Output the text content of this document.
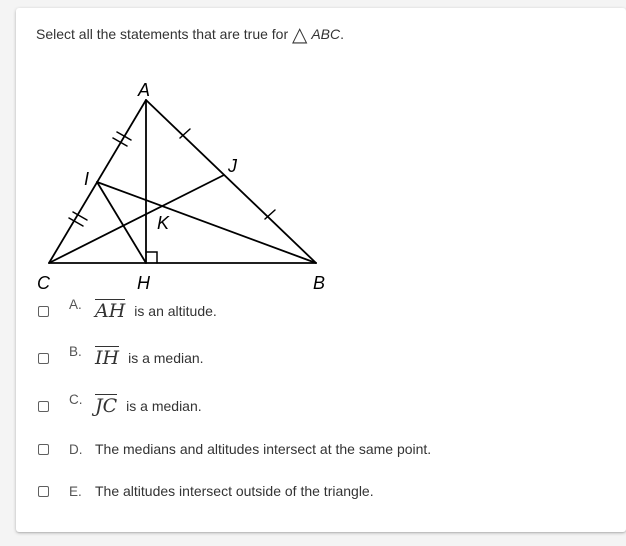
Select all the statements that are true for △ ABC.
A
B
C	H
I
J
K
A. AH is an altitude.
B. IH is a median.
C. JC is a median.
D. The medians and altitudes intersect at the same point.
E. The altitudes intersect outside of the triangle.
